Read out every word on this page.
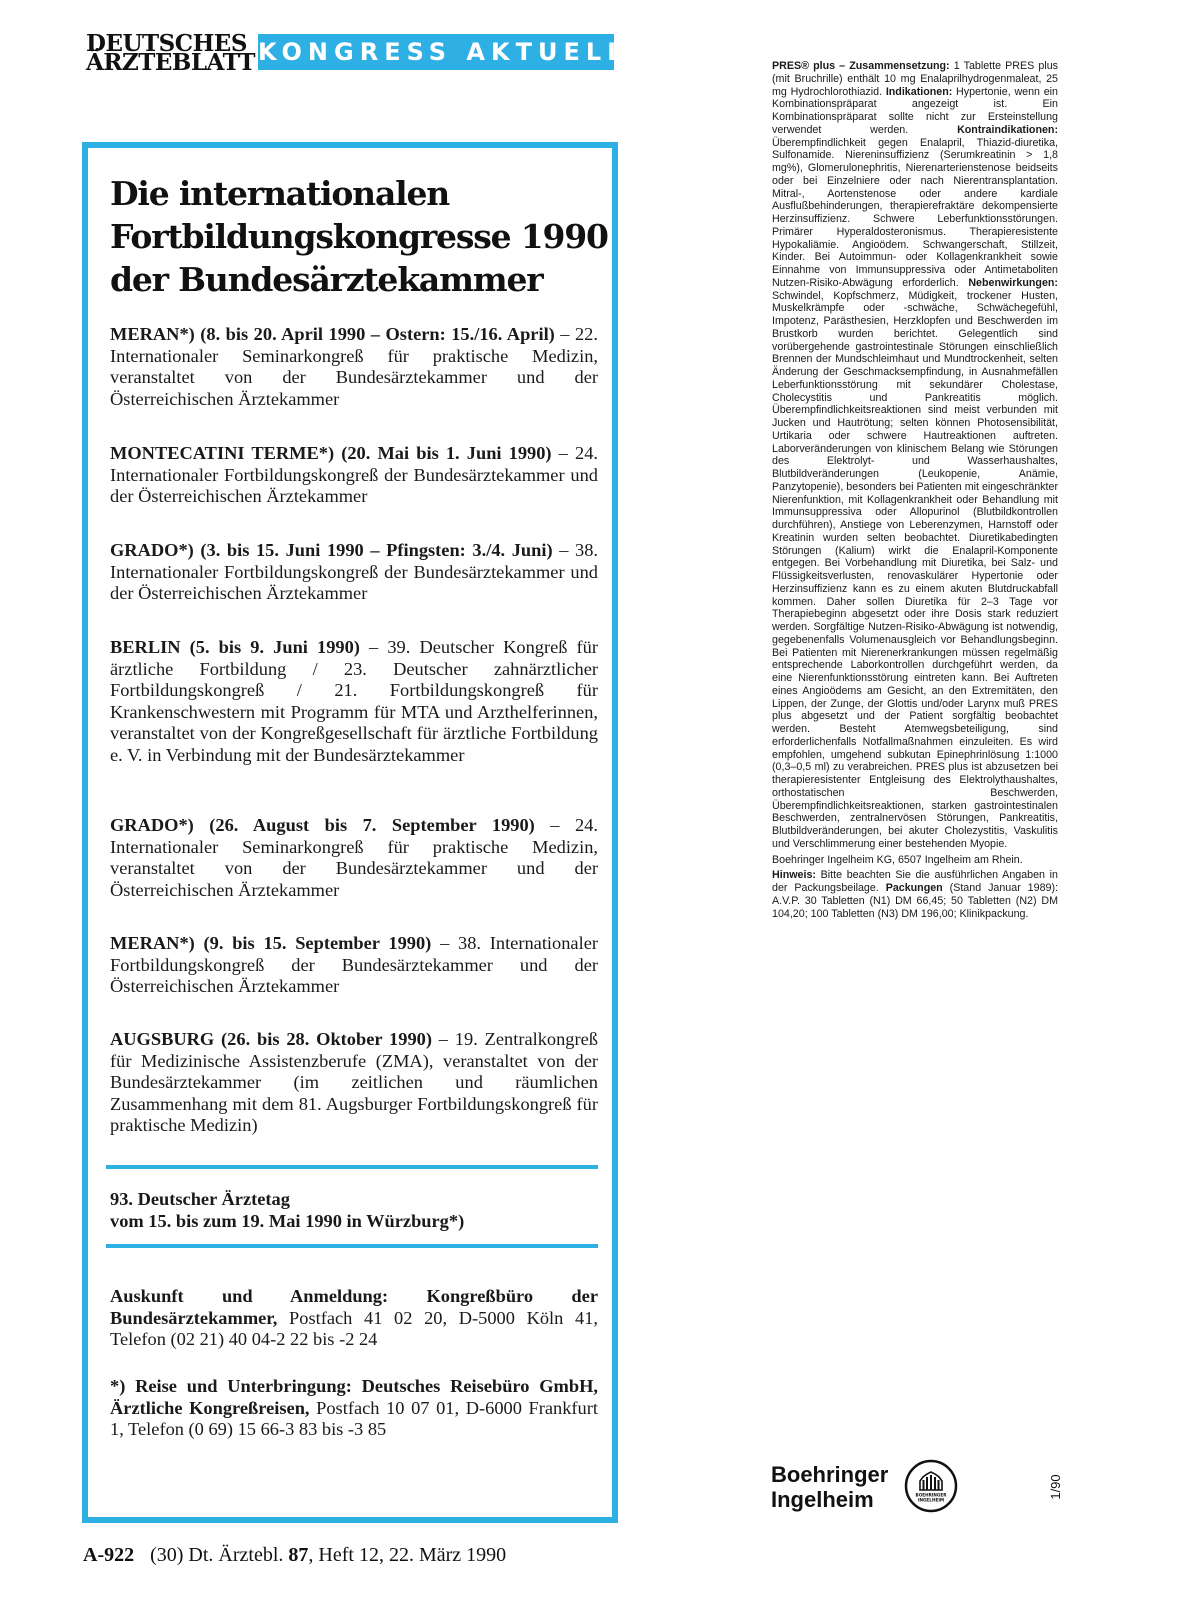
DEUTSCHES
ÄRZTEBLATT KONGRESS AKTUELL
Die internationalen
Fortbildungskongresse 1990
der Bundesärztekammer
MERAN*) (8. bis 20. April 1990 – Ostern: 15./16. April) – 22. Internationaler Seminarkongreß für praktische Medizin, veranstaltet von der Bundesärztekammer und der Österreichischen Ärztekammer
MONTECATINI TERME*) (20. Mai bis 1. Juni 1990) – 24. Internationaler Fortbildungskongreß der Bundesärztekammer und der Österreichischen Ärztekammer
GRADO*) (3. bis 15. Juni 1990 – Pfingsten: 3./4. Juni) – 38. Internationaler Fortbildungskongreß der Bundesärztekammer und der Österreichischen Ärztekammer
BERLIN (5. bis 9. Juni 1990) – 39. Deutscher Kongreß für ärztliche Fortbildung / 23. Deutscher zahnärztlicher Fortbildungskongreß / 21. Fortbildungskongreß für Krankenschwestern mit Programm für MTA und Arzthelferinnen, veranstaltet von der Kongreßgesellschaft für ärztliche Fortbildung e. V. in Verbindung mit der Bundesärztekammer
GRADO*) (26. August bis 7. September 1990) – 24. Internationaler Seminarkongreß für praktische Medizin, veranstaltet von der Bundesärztekammer und der Österreichischen Ärztekammer
MERAN*) (9. bis 15. September 1990) – 38. Internationaler Fortbildungskongreß der Bundesärztekammer und der Österreichischen Ärztekammer
AUGSBURG (26. bis 28. Oktober 1990) – 19. Zentralkongreß für Medizinische Assistenzberufe (ZMA), veranstaltet von der Bundesärztekammer (im zeitlichen und räumlichen Zusammenhang mit dem 81. Augsburger Fortbildungskongreß für praktische Medizin)
93. Deutscher Ärztetag
vom 15. bis zum 19. Mai 1990 in Würzburg*)
Auskunft und Anmeldung: Kongreßbüro der Bundesärztekammer, Postfach 41 02 20, D-5000 Köln 41, Telefon (02 21) 40 04-2 22 bis -2 24
*) Reise und Unterbringung: Deutsches Reisebüro GmbH, Ärztliche Kongreßreisen, Postfach 10 07 01, D-6000 Frankfurt 1, Telefon (0 69) 15 66-3 83 bis -3 85
A-922 (30) Dt. Ärztebl. 87, Heft 12, 22. März 1990

PRES® plus – Zusammensetzung: 1 Tablette PRES plus (mit Bruchrille) enthält 10 mg Enalaprilhydrogenmaleat, 25 mg Hydrochlorothiazid. Indikationen: Hypertonie, wenn ein Kombinationspräparat angezeigt ist. Ein Kombinationspräparat sollte nicht zur Ersteinstellung verwendet werden. Kontraindikationen: Überempfindlichkeit gegen Enalapril, Thiazid-diuretika, Sulfonamide. Niereninsuffizienz (Serumkreatinin > 1,8 mg%), Glomerulonephritis, Nierenarterienstenose beidseits oder bei Einzelniere oder nach Nierentransplantation. Mitral-, Aortenstenose oder andere kardiale Ausflußbehinderungen, therapierefraktäre dekompensierte Herzinsuffizienz. Schwere Leberfunktionsstörungen. Primärer Hyperaldosteronismus. Therapieresistente Hypokaliämie. Angioödem. Schwangerschaft, Stillzeit, Kinder. Bei Autoimmun- oder Kollagenkrankheit sowie Einnahme von Immunsuppressiva oder Antimetaboliten Nutzen-Risiko-Abwägung erforderlich. Nebenwirkungen: Schwindel, Kopfschmerz, Müdigkeit, trockener Husten, Muskelkrämpfe oder -schwäche, Schwächegefühl, Impotenz, Parästhesien, Herzklopfen und Beschwerden im Brustkorb wurden berichtet. Gelegentlich sind vorübergehende gastrointestinale Störungen einschließlich Brennen der Mundschleimhaut und Mundtrockenheit, selten Änderung der Geschmacksempfindung, in Ausnahmefällen Leberfunktionsstörung mit sekundärer Cholestase, Cholecystitis und Pankreatitis möglich. Überempfindlichkeitsreaktionen sind meist verbunden mit Jucken und Hautrötung; selten können Photosensibilität, Urtikaria oder schwere Hautreaktionen auftreten. Laborveränderungen von klinischem Belang wie Störungen des Elektrolyt- und Wasserhaushaltes, Blutbildveränderungen (Leukopenie, Anämie, Panzytopenie), besonders bei Patienten mit eingeschränkter Nierenfunktion, mit Kollagenkrankheit oder Behandlung mit Immunsuppressiva oder Allopurinol (Blutbildkontrollen durchführen), Anstiege von Leberenzymen, Harnstoff oder Kreatinin wurden selten beobachtet. Diuretikabedingten Störungen (Kalium) wirkt die Enalapril-Komponente entgegen. Bei Vorbehandlung mit Diuretika, bei Salz- und Flüssigkeitsverlusten, renovaskulärer Hypertonie oder Herzinsuffizienz kann es zu einem akuten Blutdruckabfall kommen. Daher sollen Diuretika für 2–3 Tage vor Therapiebeginn abgesetzt oder ihre Dosis stark reduziert werden. Sorgfältige Nutzen-Risiko-Abwägung ist notwendig, gegebenenfalls Volumenausgleich vor Behandlungsbeginn. Bei Patienten mit Nierenerkrankungen müssen regelmäßig entsprechende Laborkontrollen durchgeführt werden, da eine Nierenfunktionsstörung eintreten kann. Bei Auftreten eines Angioödems am Gesicht, an den Extremitäten, den Lippen, der Zunge, der Glottis und/oder Larynx muß PRES plus abgesetzt und der Patient sorgfältig beobachtet werden. Besteht Atemwegsbeteiligung, sind erforderlichenfalls Notfallmaßnahmen einzuleiten. Es wird empfohlen, umgehend subkutan Epinephrinlösung 1:1000 (0,3–0,5 ml) zu verabreichen. PRES plus ist abzusetzen bei therapieresistenter Entgleisung des Elektrolythaushaltes, orthostatischen Beschwerden, Überempfindlichkeitsreaktionen, starken gastrointestinalen Beschwerden, zentralnervösen Störungen, Pankreatitis, Blutbildveränderungen, bei akuter Cholezystitis, Vaskulitis und Verschlimmerung einer bestehenden Myopie.

Boehringer Ingelheim KG, 6507 Ingelheim am Rhein.

Hinweis: Bitte beachten Sie die ausführlichen Angaben in der Packungsbeilage. Packungen (Stand Januar 1989): A.V.P. 30 Tabletten (N1) DM 66,45; 50 Tabletten (N2) DM 104,20; 100 Tabletten (N3) DM 196,00; Klinikpackung.

Boehringer
Ingelheim	BOEHRINGER
INGELHEIM
1/90
